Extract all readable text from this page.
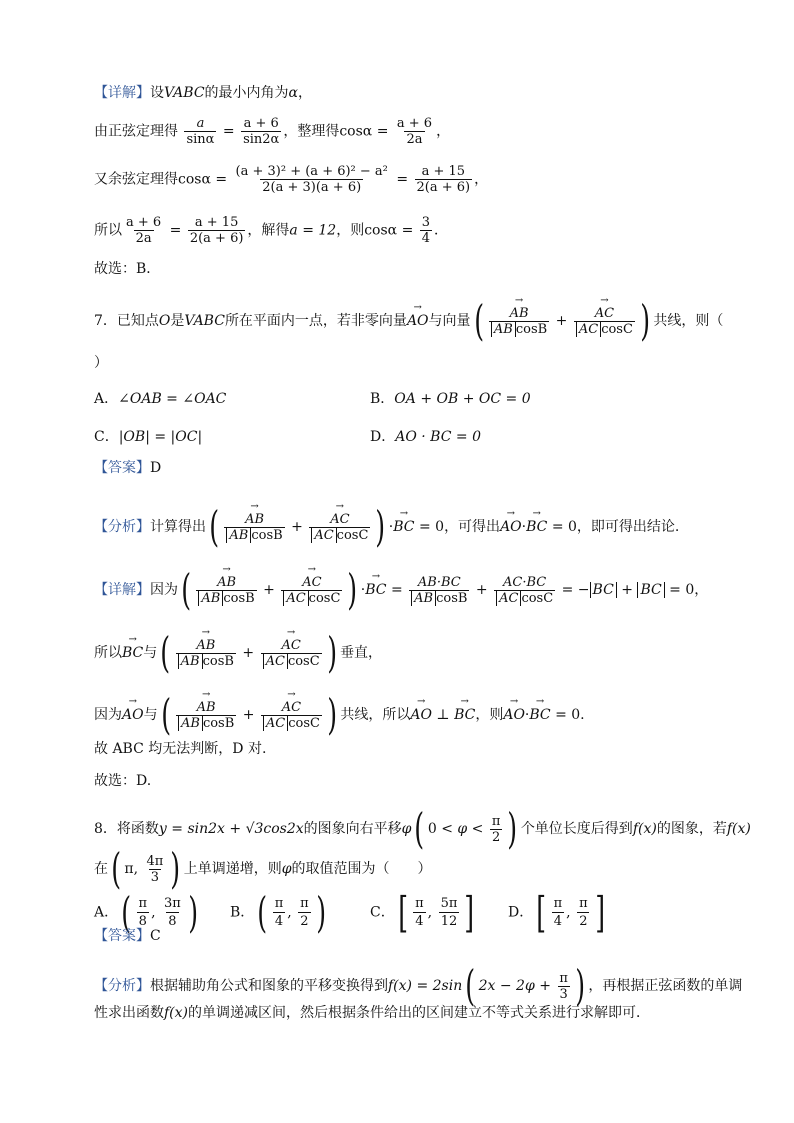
【详解】设VABC的最小内角为α，
由正弦定理得 $\frac{a}{\sin\alpha} = \frac{a + 6}{\sin 2\alpha}$ ，整理得$\cos\alpha = \frac{a + 6}{2a}$ ，
又余弦定理得$\cos\alpha = \frac{\text{(a + 3)² + (a + 6)² − a²}}{2(a + 3)(a + 6)} = \frac{a + 15}{2(a + 6)}$ ，
所以 $\frac{a + 6}{2a} = \frac{a + 15}{2(a + 6)}$ ，解得a = 12，则$\cos\alpha = \frac{3}{4}$ ．
故选：B．
7．已知点O是VABC所在平面内一点，若非零向量→ AO与向量( → $\frac{AB}{\text{AB cosB}}$ + → $\frac{AC}{\text{AC cosC}}$ ) 共线，则（
）
A．∠OAB = ∠OAC	B．OA + OB + OC = 0
C．|OB| = |OC|	D．AO · BC = 0
【答案】D
【分析】计算得出( → $\frac{AB}{\text{AB cosB}}$ + → $\frac{AC}{\text{AC cosC}}$ ) ·→ BC = 0，可得出→ AO·→ BC = 0，即可得出结论.
【详解】因为( → $\frac{AB}{\text{AB cosB}}$ + → $\frac{AC}{\text{AC cosC}}$ ) ·→ BC = $\frac{AB\cdot BC}{\text{AB cosB}} + \frac{AC\cdot BC}{\text{AC cosC}}$ = − BC + BC = 0，
所以→ BC与( → $\frac{AB}{\text{AB cosB}}$ + → $\frac{AC}{\text{AC cosC}}$ ) 垂直，
因为→ AO与( → $\frac{AB}{\text{AB cosB}}$ + → $\frac{AC}{\text{AC cosC}}$ ) 共线，所以→ AO ⊥ → BC，则→ AO·→ BC = 0.
故 ABC 均无法判断，D 对.
故选：D.
8．将函数y = sin2x + √3cos2x的图象向右平移φ( $0 < \varphi < \frac{\pi}{2}$ ) 个单位长度后得到f(x)的图象，若f(x)
在( π, $\frac{4\pi}{3}$ ) 上单调递增，则φ的取值范围为（　　）
A．( $\frac{\pi}{8}$ , $\frac{3\pi}{8}$ ) B．( $\frac{\pi}{4}$ , $\frac{\pi}{2}$ )	C．[ $\frac{\pi}{4}$ , $\frac{5\pi}{12}$ ] D．[ $\frac{\pi}{4}$ , $\frac{\pi}{2}$ ]
【答案】C
【分析】根据辅助角公式和图象的平移变换得到f(x) = 2sin( $2x - 2\varphi + \frac{\pi}{3}$ ) ，再根据正弦函数的单调
性求出函数f(x)的单调递减区间，然后根据条件给出的区间建立不等式关系进行求解即可．
